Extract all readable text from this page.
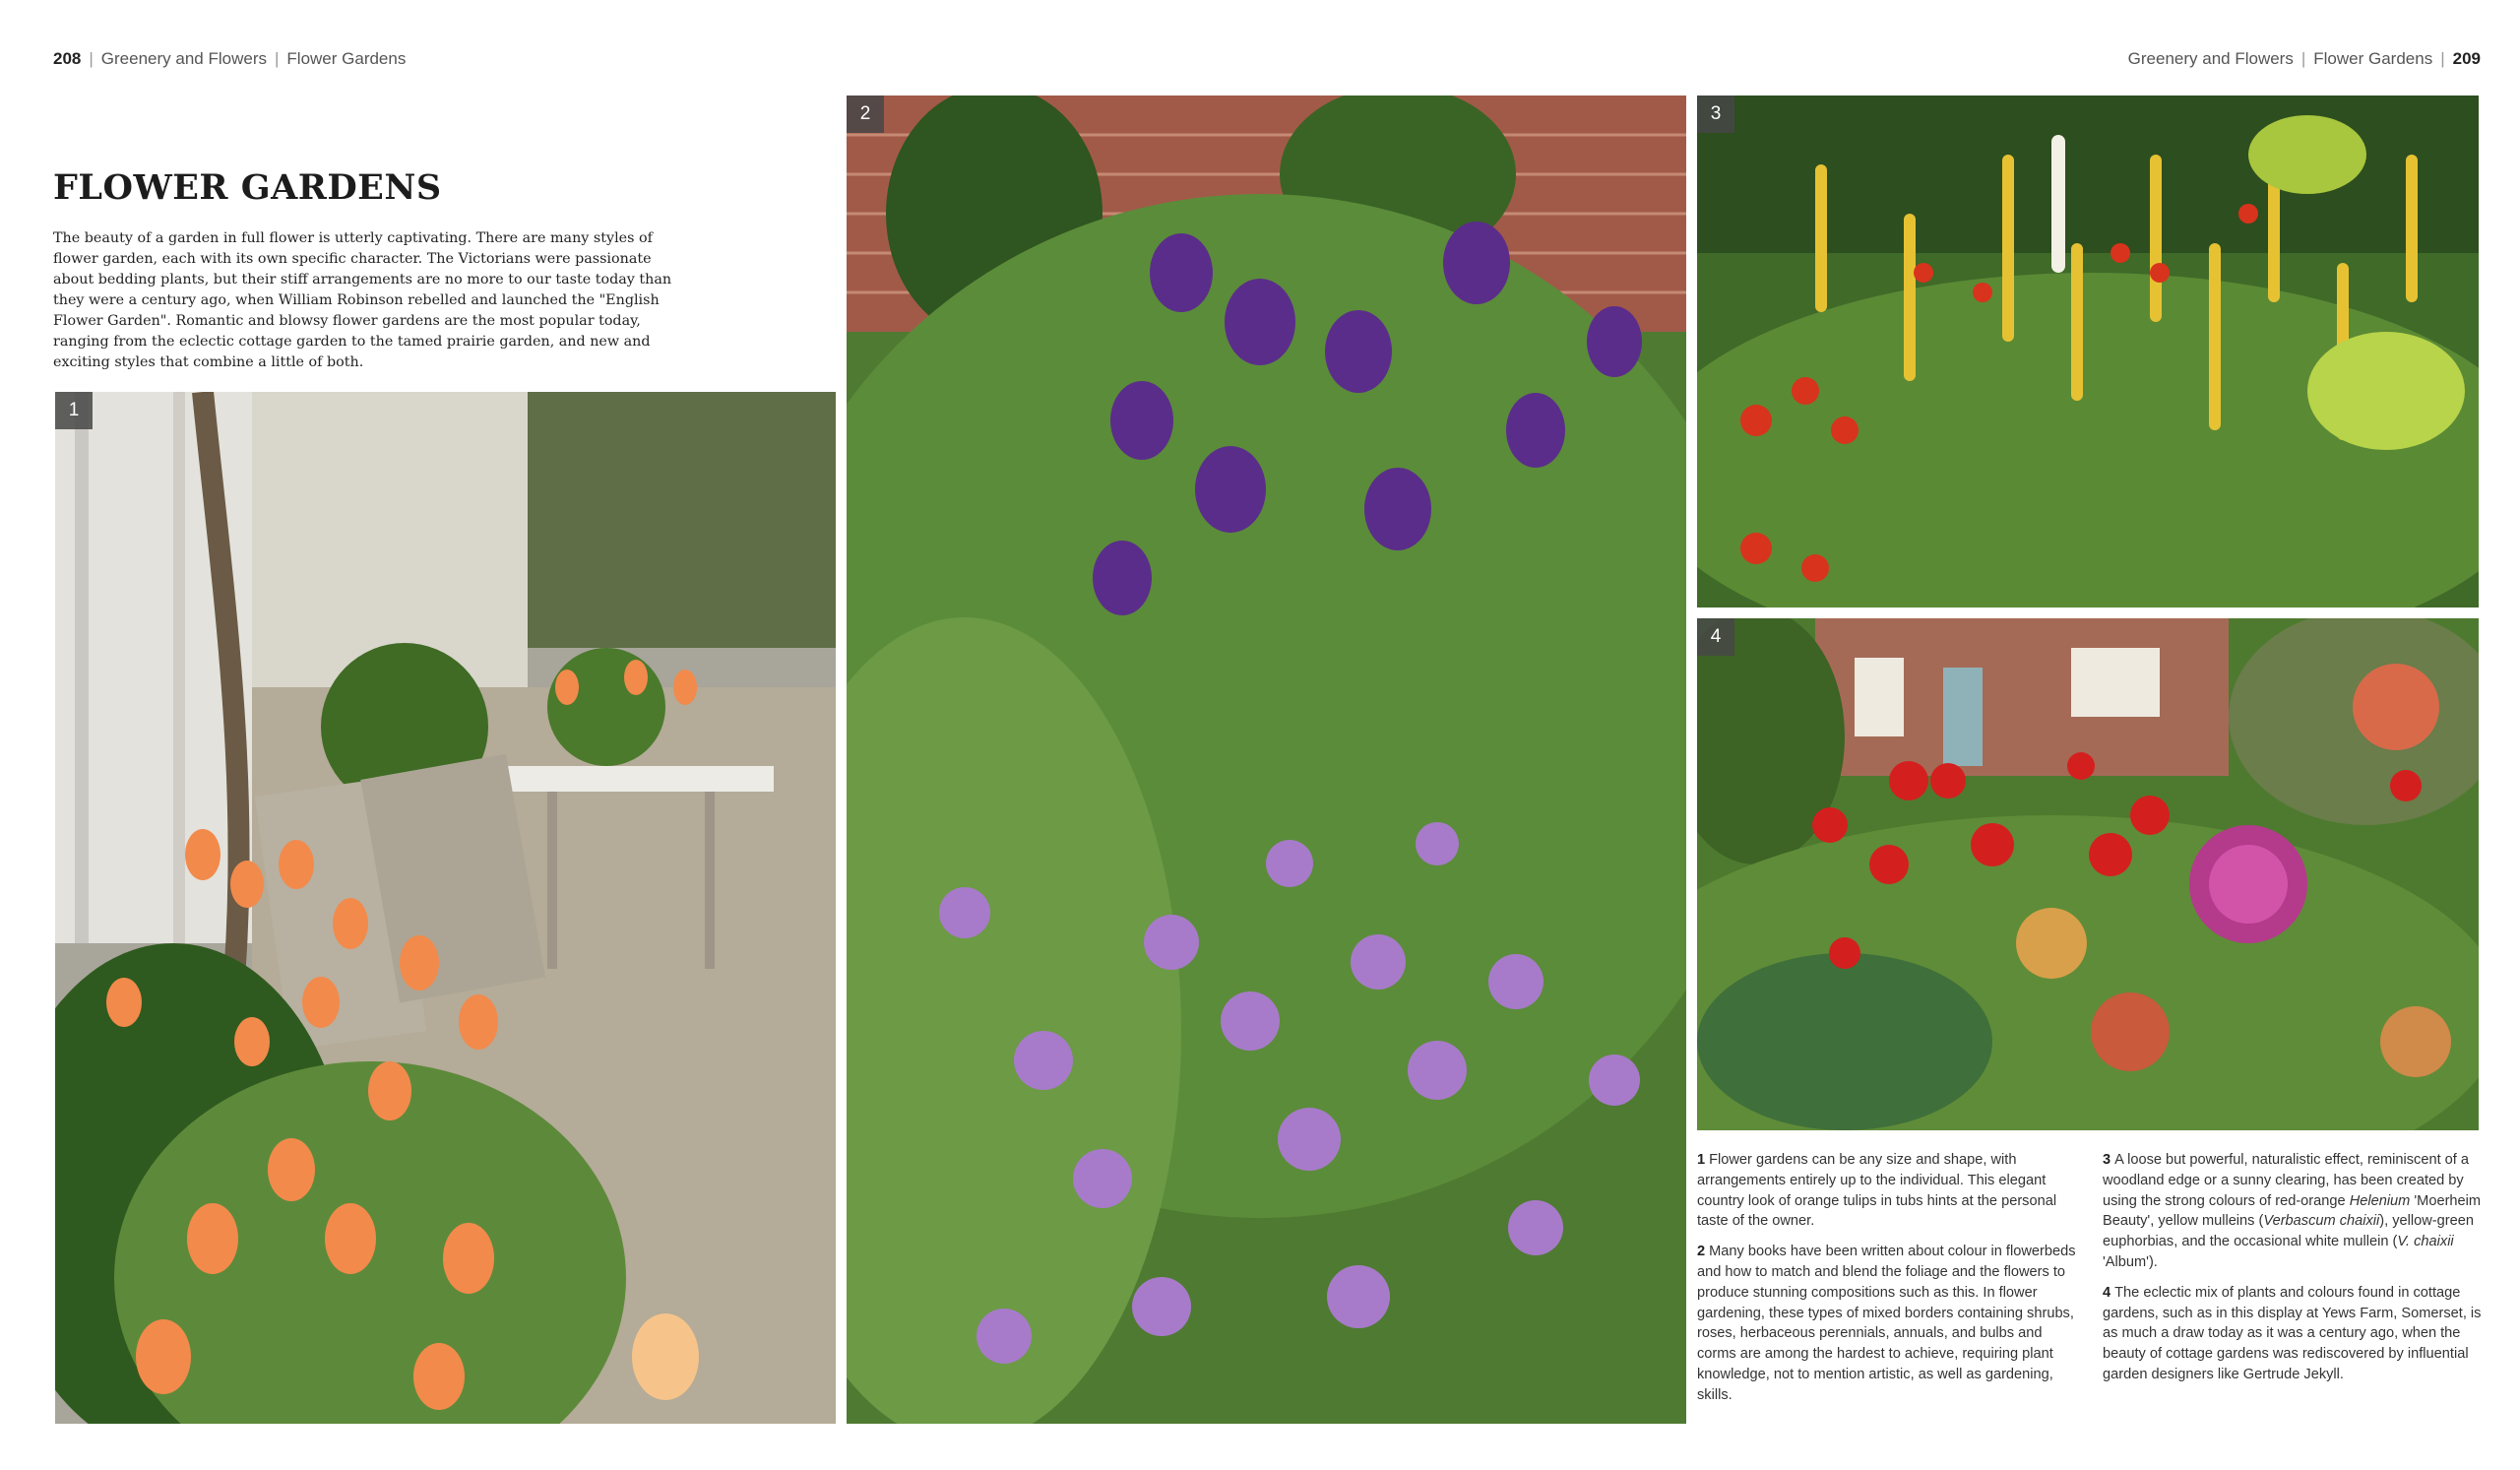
208 | Greenery and Flowers | Flower Gardens	Greenery and Flowers | Flower Gardens | 209
FLOWER GARDENS

The beauty of a garden in full flower is utterly captivating. There are many styles of flower garden, each with its own specific character. The Victorians were passionate about bedding plants, but their stiff arrangements are no more to our taste today than they were a century ago, when William Robinson rebelled and launched the "English Flower Garden". Romantic and blowsy flower gardens are the most popular today, ranging from the eclectic cottage garden to the tamed prairie garden, and new and exciting styles that combine a little of both.

1
2	3
4

1 Flower gardens can be any size and shape, with arrangements entirely up to the individual. This elegant country look of orange tulips in tubs hints at the personal taste of the owner.

2 Many books have been written about colour in flowerbeds and how to match and blend the foliage and the flowers to produce stunning compositions such as this. In flower gardening, these types of mixed borders containing shrubs, roses, herbaceous perennials, annuals, and bulbs and corms are among the hardest to achieve, requiring plant knowledge, not to mention artistic, as well as gardening, skills.

3 A loose but powerful, naturalistic effect, reminiscent of a woodland edge or a sunny clearing, has been created by using the strong colours of red-orange Helenium 'Moerheim Beauty', yellow mulleins (Verbascum chaixii), yellow-green euphorbias, and the occasional white mullein (V. chaixii 'Album').

4 The eclectic mix of plants and colours found in cottage gardens, such as in this display at Yews Farm, Somerset, is as much a draw today as it was a century ago, when the beauty of cottage gardens was rediscovered by influential garden designers like Gertrude Jekyll.
